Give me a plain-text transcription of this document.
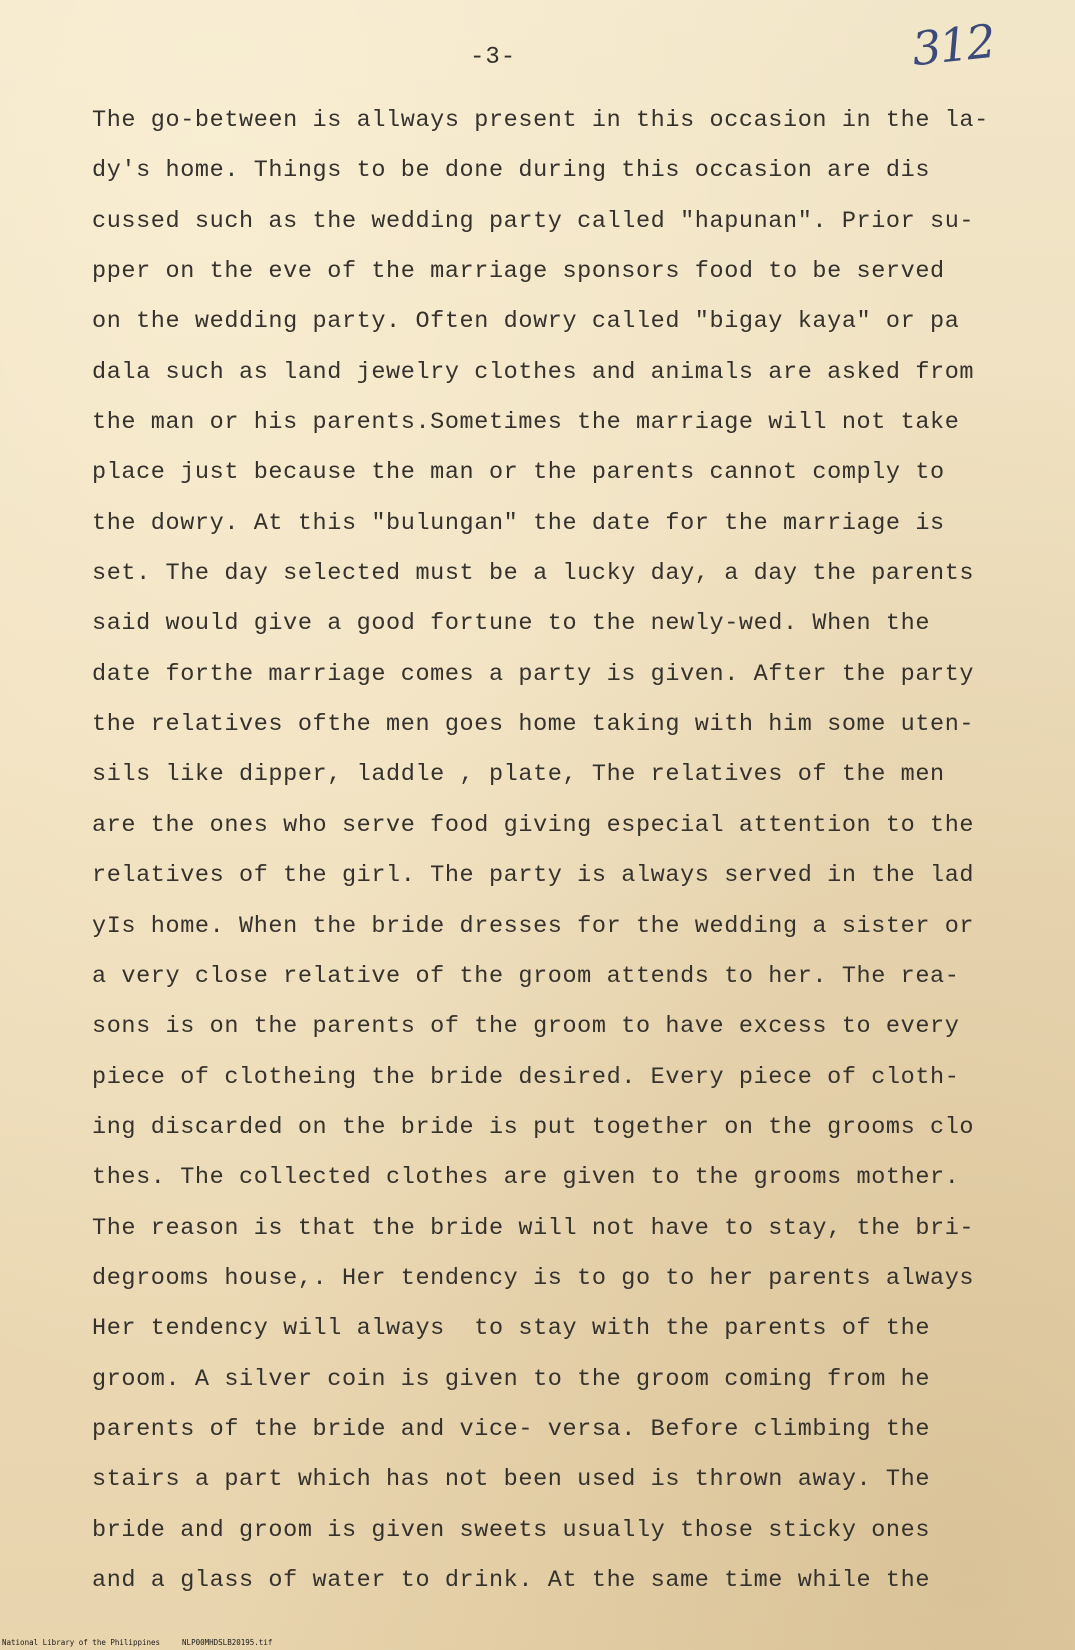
-3-	312
The go-between is allways present in this occasion in the la-
dy's home. Things to be done during this occasion are dis
cussed such as the wedding party called "hapunan". Prior su-
pper on the eve of the marriage sponsors food to be served
on the wedding party. Often dowry called "bigay kaya" or pa
dala such as land jewelry clothes and animals are asked from
the man or his parents.Sometimes the marriage will not take
place just because the man or the parents cannot comply to
the dowry. At this "bulungan" the date for the marriage is
set. The day selected must be a lucky day, a day the parents
said would give a good fortune to the newly-wed. When the
date forthe marriage comes a party is given. After the party
the relatives ofthe men goes home taking with him some uten-
sils like dipper, laddle , plate, The relatives of the men
are the ones who serve food giving especial attention to the
relatives of the girl. The party is always served in the lad
yIs home. When the bride dresses for the wedding a sister or
a very close relative of the groom attends to her. The rea-
sons is on the parents of the groom to have excess to every
piece of clotheing the bride desired. Every piece of cloth-
ing discarded on the bride is put together on the grooms clo
thes. The collected clothes are given to the grooms mother.
The reason is that the bride will not have to stay, the bri-
degrooms house,. Her tendency is to go to her parents always
Her tendency will always  to stay with the parents of the
groom. A silver coin is given to the groom coming from he
parents of the bride and vice- versa. Before climbing the
stairs a part which has not been used is thrown away. The
bride and groom is given sweets usually those sticky ones
and a glass of water to drink. At the same time while the
National Library of the Philippines	NLP00MHDSLB20195.tif
